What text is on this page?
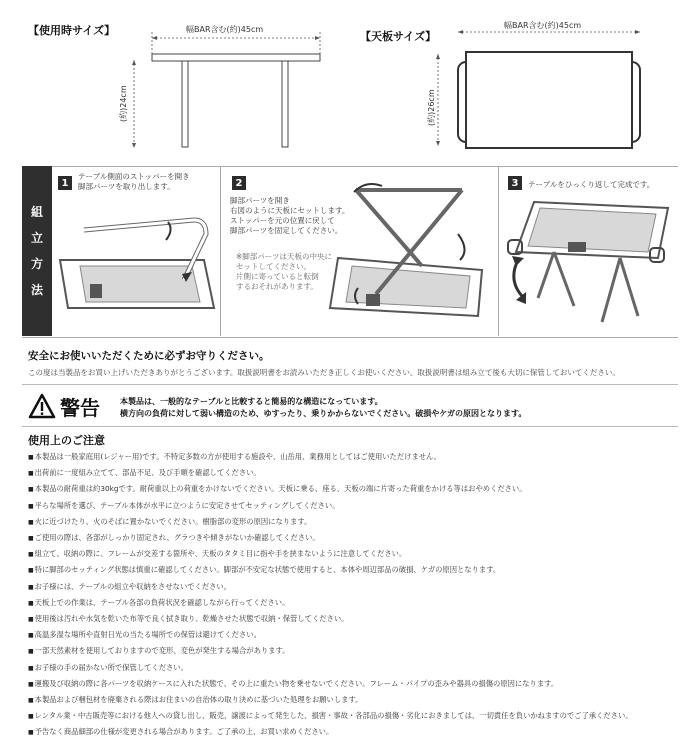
【使用時サイズ】	幅BAR含む(約)45cm
(約)24cm
【天板サイズ】
幅BAR含む(約)45cm
(約)26cm
組
立
方
法
1
テーブル側面のストッパーを開き
脚部パーツを取り出します。	2
脚部パーツを開き
右図のように天板にセットします。
ストッパーを元の位置に戻して
脚部パーツを固定してください。
※脚部パーツは天板の中央に
セットしてください。
片側に寄っていると転倒
するおそれがあります。
3	テーブルをひっくり返して完成です。
安全にお使いいただくために必ずお守りください。
この度は当製品をお買い上げいただきありがとうございます。取扱説明書をお読みいただき正しくお使いください。取扱説明書は組み立て後も大切に保管しておいてください。
警告	本製品は、一般的なテーブルと比較すると簡易的な構造になっています。
横方向の負荷に対して弱い構造のため、ゆすったり、乗りかからないでください。破損やケガの原因となります。
使用上のご注意
■ 本製品は一般家庭用(レジャー用)です。不特定多数の方が使用する施設や、山岳用、業務用としてはご使用いただけません。
■ 出荷前に一度組み立てて、部品不足、及び手順を確認してください。
■ 本製品の耐荷重は約30kgです。耐荷重以上の荷重をかけないでください。天板に乗る、座る、天板の端に片寄った荷重をかける等はおやめください。
■ 平らな場所を選び、テーブル本体が水平に立つように安定させてセッティングしてください。
■ 火に近づけたり、火のそばに置かないでください。樹脂部の変形の原因になります。
■ ご使用の際は、各部がしっかり固定され、グラつきや傾きがないか確認してください。
■ 組立て、収納の際に、フレームが交差する箇所や、天板のタタミ目に指や手を挟まないように注意してください。
■ 特に脚部のセッティング状態は慎重に確認してください。脚部が不安定な状態で使用すると、本体や周辺部品の破損、ケガの原因となります。
■ お子様には、テーブルの組立や収納をさせないでください。
■ 天板上での作業は、テーブル各部の負荷状況を確認しながら行ってください。
■ 使用後は汚れや水気を乾いた布等で良く拭き取り、乾燥させた状態で収納・保管してください。
■ 高温多湿な場所や直射日光の当たる場所での保管は避けてください。
■ 一部天然素材を使用しておりますので変形、変色が発生する場合があります。
■ お子様の手の届かない所で保管してください。
■ 運搬及び収納の際に各パーツを収納ケースに入れた状態で、その上に重たい物を乗せないでください。フレーム・パイプの歪みや器具の損傷の原因になります。
■ 本製品および梱包材を廃棄される際はお住まいの自治体の取り決めに基づいた処理をお願いします。
■ レンタル業・中古販売等における他人への貸し出し、販売、譲渡によって発生した、損害・事故・各部品の損傷・劣化におきましては、一切責任を負いかねますのでご了承ください。
■ 予告なく商品細部の仕様が変更される場合があります。ご了承の上、お買い求めください。
